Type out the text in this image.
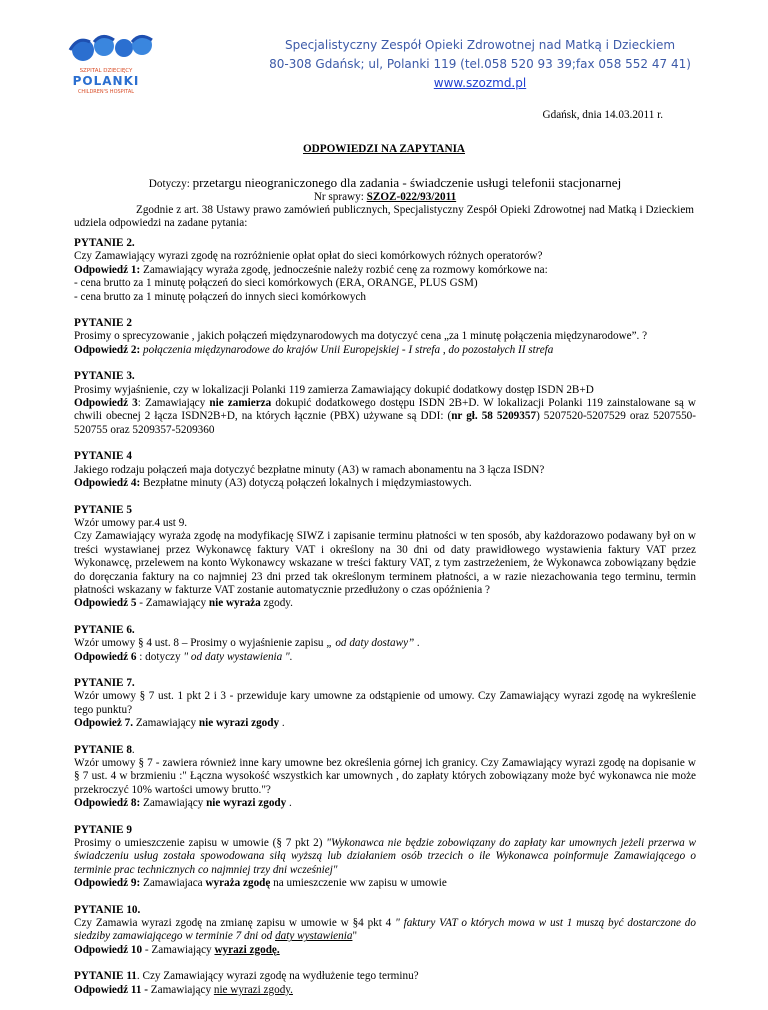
SZPITAL DZIECIĘCY
POLANKI
CHILDREN'S HOSPITAL
Specjalistyczny Zespół Opieki Zdrowotnej nad Matką i Dzieckiem
80-308 Gdańsk; ul, Polanki 119 (tel.058 520 93 39;fax 058 552 47 41)
www.szozmd.pl
Gdańsk, dnia 14.03.2011 r.
ODPOWIEDZI NA ZAPYTANIA
Dotyczy: przetargu nieograniczonego dla zadania - świadczenie usługi telefonii stacjonarnej
Nr sprawy: SZOZ-022/93/2011
Zgodnie z art. 38 Ustawy prawo zamówień publicznych, Specjalistyczny Zespół Opieki Zdrowotnej nad Matką i Dzieckiem udziela odpowiedzi na zadane pytania:

PYTANIE 2.

Czy Zamawiający wyrazi zgodę na rozróżnienie opłat opłat do sieci komórkowych różnych operatorów?

Odpowiedź 1: Zamawiający wyraża zgodę, jednocześnie należy rozbić cenę za rozmowy komórkowe na:

- cena brutto za 1 minutę połączeń do sieci komórkowych (ERA, ORANGE, PLUS GSM)

- cena brutto za 1 minutę połączeń do innych sieci komórkowych

PYTANIE 2

Prosimy o sprecyzowanie , jakich połączeń międzynarodowych ma dotyczyć cena „za 1 minutę połączenia międzynarodowe”. ?

Odpowiedź 2: połączenia międzynarodowe do krajów Unii Europejskiej - I strefa , do pozostałych II strefa

PYTANIE 3.

Prosimy wyjaśnienie, czy w lokalizacji Polanki 119 zamierza Zamawiający dokupić dodatkowy dostęp ISDN 2B+D

Odpowiedź 3: Zamawiający nie zamierza dokupić dodatkowego dostępu ISDN 2B+D. W lokalizacji Polanki 119 zainstalowane są w chwili obecnej 2 łącza ISDN2B+D, na których łącznie (PBX) używane są DDI: (nr gł. 58 5209357) 5207520-5207529 oraz 5207550-520755 oraz 5209357-5209360

PYTANIE 4

Jakiego rodzaju połączeń maja dotyczyć bezpłatne minuty (A3) w ramach abonamentu na 3 łącza ISDN?

Odpowiedź 4: Bezpłatne minuty (A3) dotyczą połączeń lokalnych i międzymiastowych.

PYTANIE 5

Wzór umowy par.4 ust 9.

Czy Zamawiający wyraża zgodę na modyfikację SIWZ i zapisanie terminu płatności w ten sposób, aby każdorazowo podawany był on w treści wystawianej przez Wykonawcę faktury VAT i określony na 30 dni od daty prawidłowego wystawienia faktury VAT przez Wykonawcę, przelewem na konto Wykonawcy wskazane w treści faktury VAT, z tym zastrzeżeniem, że Wykonawca zobowiązany będzie do doręczania faktury na co najmniej 23 dni przed tak określonym terminem płatności, a w razie niezachowania tego terminu, termin płatności wskazany w fakturze VAT zostanie automatycznie przedłużony o czas opóźnienia ?

Odpowiedź 5 - Zamawiający nie wyraża zgody.

PYTANIE 6.

Wzór umowy § 4 ust. 8 – Prosimy o wyjaśnienie zapisu „ od daty dostawy” .

Odpowiedź 6 : dotyczy " od daty wystawienia ".

PYTANIE 7.

Wzór umowy § 7 ust. 1 pkt 2 i 3 - przewiduje kary umowne za odstąpienie od umowy. Czy Zamawiający wyrazi zgodę na wykreślenie tego punktu?

Odpowież 7. Zamawiający nie wyrazi zgody .

PYTANIE 8.

Wzór umowy § 7 - zawiera również inne kary umowne bez określenia górnej ich granicy. Czy Zamawiający wyrazi zgodę na dopisanie w § 7 ust. 4 w brzmieniu :" Łączna wysokość wszystkich kar umownych , do zapłaty których zobowiązany może być wykonawca nie może przekroczyć 10% wartości umowy brutto."?

Odpowiedź 8: Zamawiający nie wyrazi zgody .

PYTANIE 9

Prosimy o umieszczenie zapisu w umowie (§ 7 pkt 2) "Wykonawca nie będzie zobowiązany do zapłaty kar umownych jeżeli przerwa w świadczeniu usług została spowodowana siłą wyższą lub działaniem osób trzecich o ile Wykonawca poinformuje Zamawiającego o terminie prac technicznych co najmniej trzy dni wcześniej"

Odpowiedź 9: Zamawiajaca wyraża zgodę na umieszczenie ww zapisu w umowie

PYTANIE 10.

Czy Zamawia wyrazi zgodę na zmianę zapisu w umowie w §4 pkt 4 " faktury VAT o których mowa w ust 1 muszą być dostarczone do siedziby zamawiającego w terminie 7 dni od daty wystawienia"

Odpowiedź 10 - Zamawiający wyrazi zgodę.

PYTANIE 11. Czy Zamawiający wyrazi zgodę na wydłużenie tego terminu?

Odpowiedź 11 - Zamawiający nie wyrazi zgody.
